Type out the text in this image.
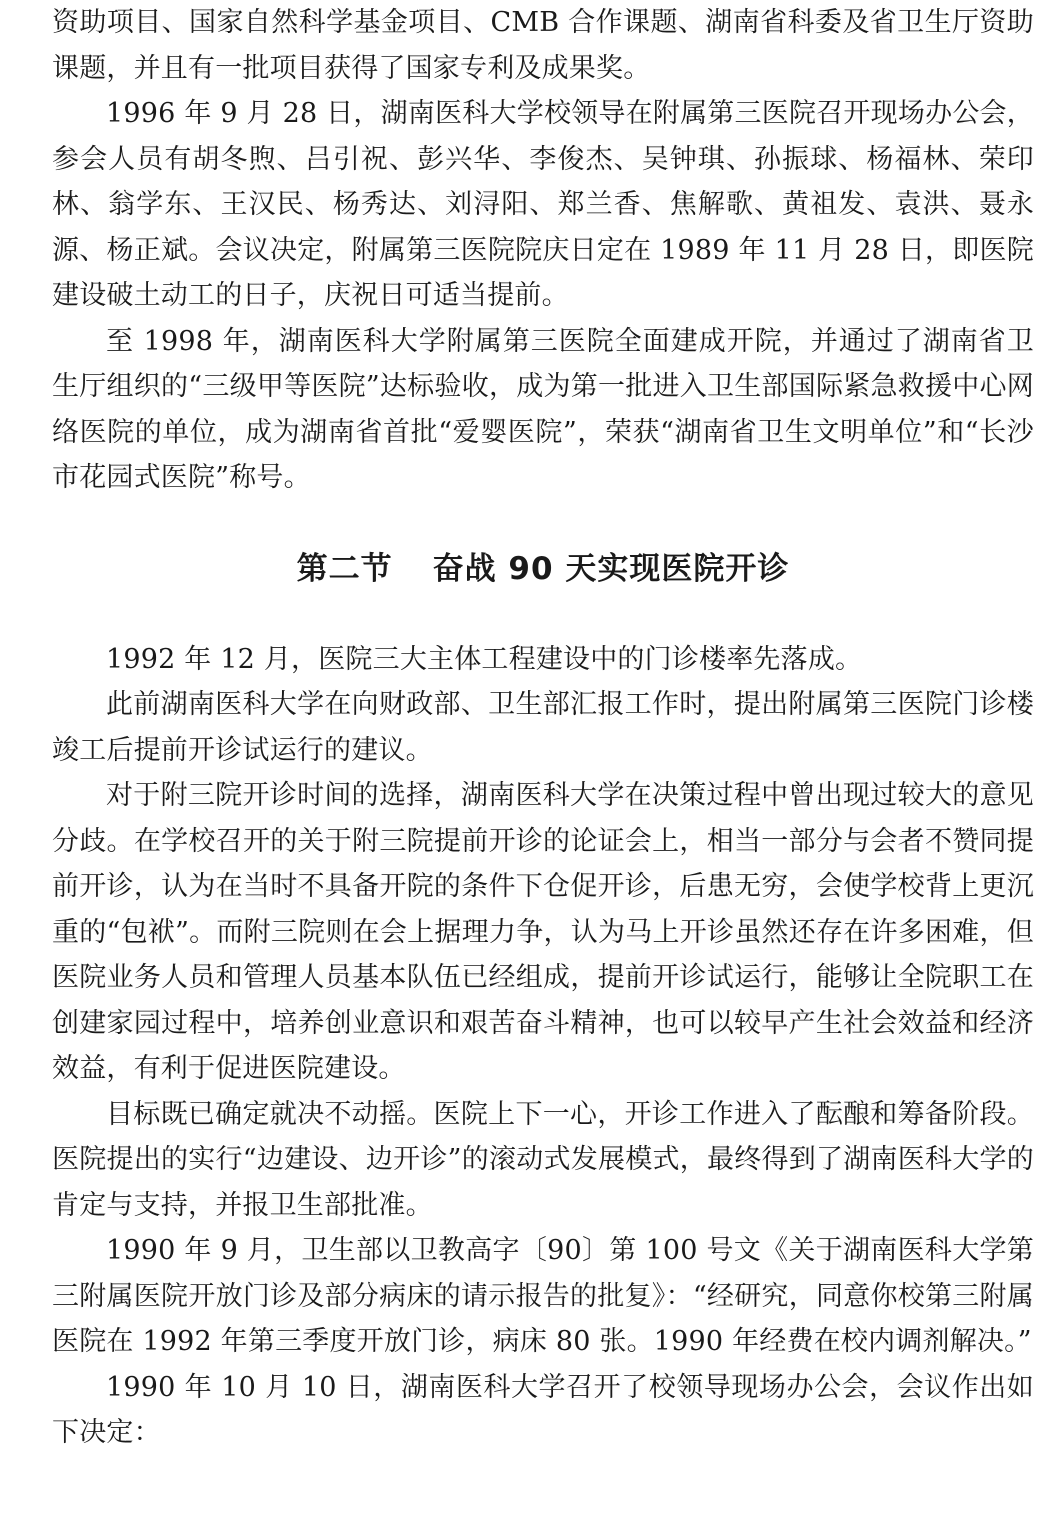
资助项目、国家自然科学基金项目、CMB 合作课题、湖南省科委及省卫生厅资助课题，并且有一批项目获得了国家专利及成果奖。

1996 年 9 月 28 日，湖南医科大学校领导在附属第三医院召开现场办公会，参会人员有胡冬煦、吕引祝、彭兴华、李俊杰、吴钟琪、孙振球、杨福林、荣印林、翁学东、王汉民、杨秀达、刘浔阳、郑兰香、焦解歌、黄祖发、袁洪、聂永源、杨正斌。会议决定，附属第三医院院庆日定在 1989 年 11 月 28 日，即医院建设破土动工的日子，庆祝日可适当提前。

至 1998 年，湖南医科大学附属第三医院全面建成开院，并通过了湖南省卫生厅组织的“三级甲等医院”达标验收，成为第一批进入卫生部国际紧急救援中心网络医院的单位，成为湖南省首批“爱婴医院”，荣获“湖南省卫生文明单位”和“长沙市花园式医院”称号。

第二节 奋战 90 天实现医院开诊

1992 年 12 月，医院三大主体工程建设中的门诊楼率先落成。

此前湖南医科大学在向财政部、卫生部汇报工作时，提出附属第三医院门诊楼竣工后提前开诊试运行的建议。

对于附三院开诊时间的选择，湖南医科大学在决策过程中曾出现过较大的意见分歧。在学校召开的关于附三院提前开诊的论证会上，相当一部分与会者不赞同提前开诊，认为在当时不具备开院的条件下仓促开诊，后患无穷，会使学校背上更沉重的“包袱”。而附三院则在会上据理力争，认为马上开诊虽然还存在许多困难，但医院业务人员和管理人员基本队伍已经组成，提前开诊试运行，能够让全院职工在创建家园过程中，培养创业意识和艰苦奋斗精神，也可以较早产生社会效益和经济效益，有利于促进医院建设。

目标既已确定就决不动摇。医院上下一心，开诊工作进入了酝酿和筹备阶段。医院提出的实行“边建设、边开诊”的滚动式发展模式，最终得到了湖南医科大学的肯定与支持，并报卫生部批准。

1990 年 9 月，卫生部以卫教高字〔90〕第 100 号文《关于湖南医科大学第三附属医院开放门诊及部分病床的请示报告的批复》：“经研究，同意你校第三附属医院在 1992 年第三季度开放门诊，病床 80 张。1990 年经费在校内调剂解决。”

1990 年 10 月 10 日，湖南医科大学召开了校领导现场办公会，会议作出如下决定：
